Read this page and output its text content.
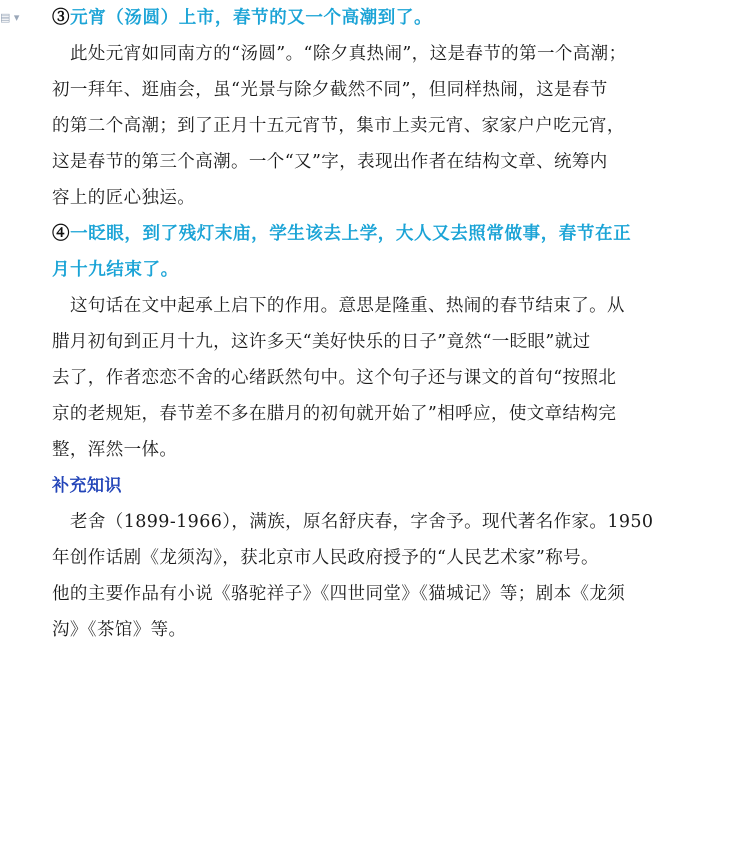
▤ ▾ ③元宵（汤圆）上市，春节的又一个高潮到了。

此处元宵如同南方的“汤圆”。“除夕真热闹”，这是春节的第一个高潮；
初一拜年、逛庙会，虽“光景与除夕截然不同”，但同样热闹，这是春节
的第二个高潮；到了正月十五元宵节，集市上卖元宵、家家户户吃元宵，
这是春节的第三个高潮。一个“又”字，表现出作者在结构文章、统筹内
容上的匠心独运。

④一眨眼，到了残灯末庙，学生该去上学，大人又去照常做事，春节在正
月十九结束了。

这句话在文中起承上启下的作用。意思是隆重、热闹的春节结束了。从
腊月初旬到正月十九，这许多天“美好快乐的日子”竟然“一眨眼”就过
去了，作者恋恋不舍的心绪跃然句中。这个句子还与课文的首句“按照北
京的老规矩，春节差不多在腊月的初旬就开始了”相呼应，使文章结构完
整，浑然一体。

补充知识

老舍（1899-1966），满族，原名舒庆春，字舍予。现代著名作家。1950
年创作话剧《龙须沟》，获北京市人民政府授予的“人民艺术家”称号。
他的主要作品有小说《骆驼祥子》《四世同堂》《猫城记》等；剧本《龙须
沟》《茶馆》等。
